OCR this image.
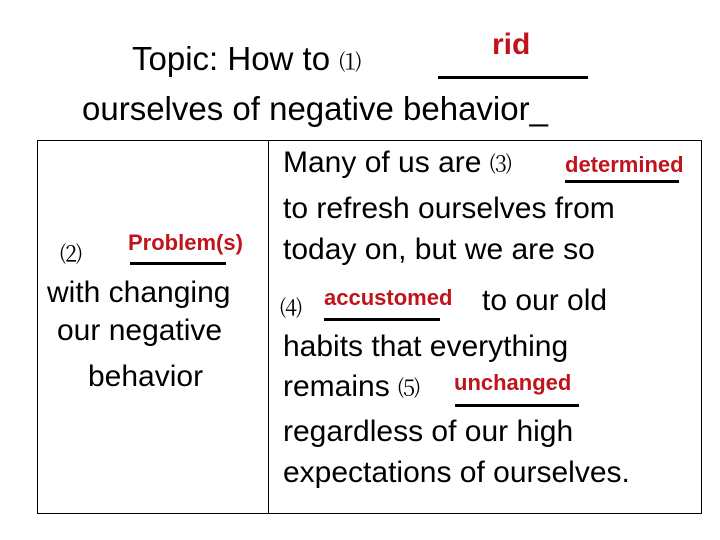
Topic: How to ⑴
rid
ourselves of negative behavior_
⑵ Problem(s)
with changing
our negative
behavior
Many of us are ⑶ determined
to refresh ourselves from
today on, but we are so
⑷ accustomed to our old
habits that everything
remains ⑸ unchanged
regardless of our high
expectations of ourselves.
